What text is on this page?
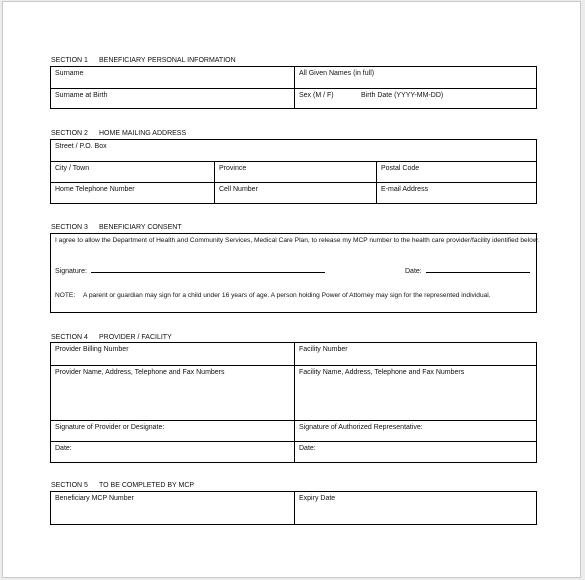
SECTION 1 BENEFICIARY PERSONAL INFORMATION
Surname	All Given Names (in full)
Surname at Birth	Sex (M / F)	Birth Date (YYYY-MM-DD)
SECTION 2 HOME MAILING ADDRESS
Street / P.O. Box
City / Town	Province	Postal Code
Home Telephone Number	Cell Number	E-mail Address
SECTION 3 BENEFICIARY CONSENT
I agree to allow the Department of Health and Community Services, Medical Care Plan, to release my MCP number to the health care provider/facility identified below.
Signature:	Date:
NOTE: A parent or guardian may sign for a child under 16 years of age. A person holding Power of Attorney may sign for the represented individual.
SECTION 4 PROVIDER / FACILITY
Provider Billing Number	Facility Number
Provider Name, Address, Telephone and Fax Numbers	Facility Name, Address, Telephone and Fax Numbers
Signature of Provider or Designate:	Signature of Authorized Representative:
Date:	Date:
SECTION 5 TO BE COMPLETED BY MCP
Beneficiary MCP Number	Expiry Date
